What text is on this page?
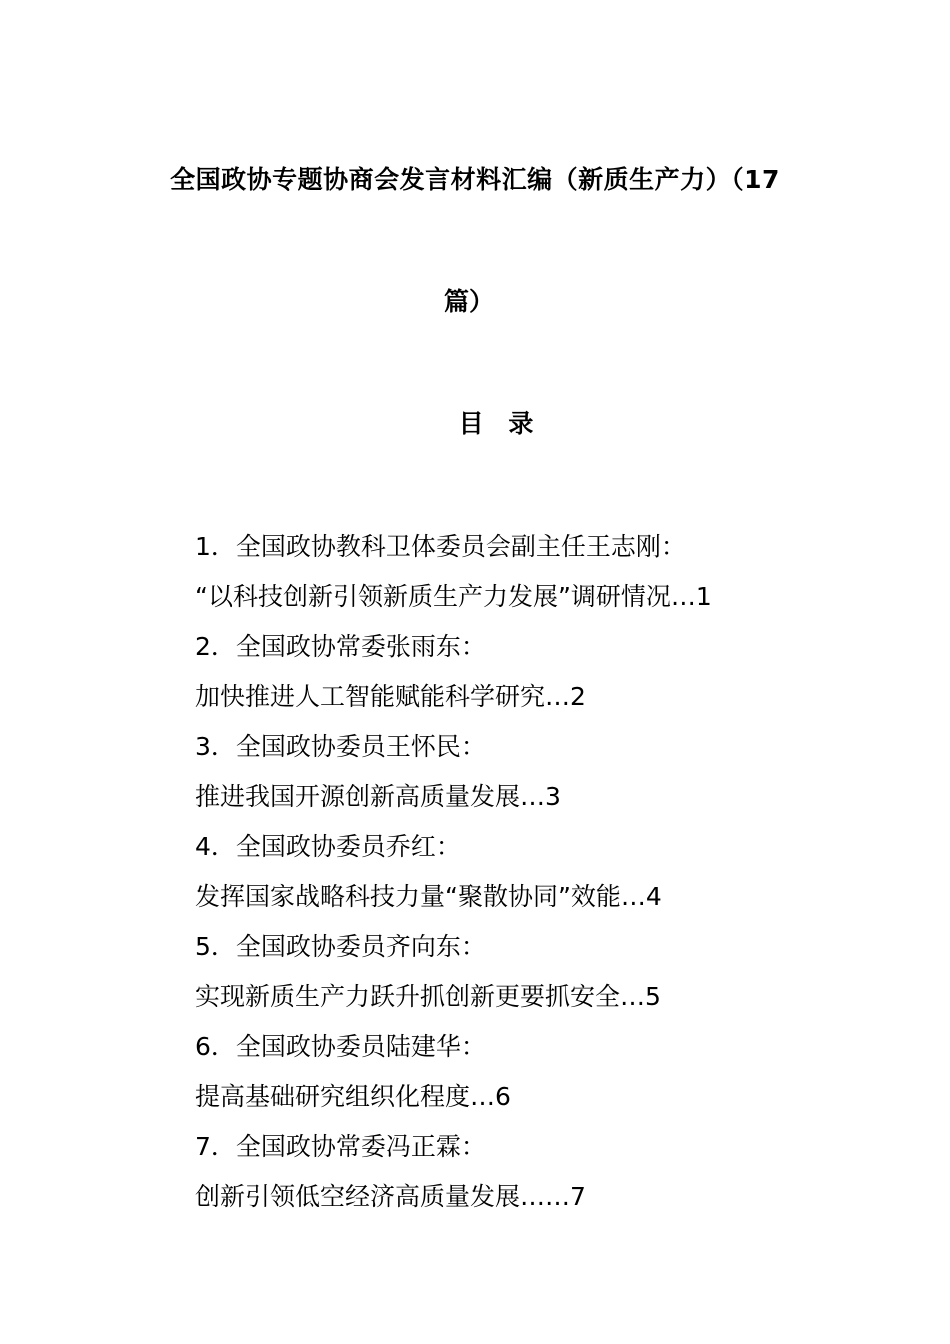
全国政协专题协商会发言材料汇编（新质生产力）（17
篇）
目 录
1．全国政协教科卫体委员会副主任王志刚：
“以科技创新引领新质生产力发展”调研情况…1
2．全国政协常委张雨东：
加快推进人工智能赋能科学研究…2
3．全国政协委员王怀民：
推进我国开源创新高质量发展…3
4．全国政协委员乔红：
发挥国家战略科技力量“聚散协同”效能…4
5．全国政协委员齐向东：
实现新质生产力跃升抓创新更要抓安全…5
6．全国政协委员陆建华：
提高基础研究组织化程度…6
7．全国政协常委冯正霖：
创新引领低空经济高质量发展……7
